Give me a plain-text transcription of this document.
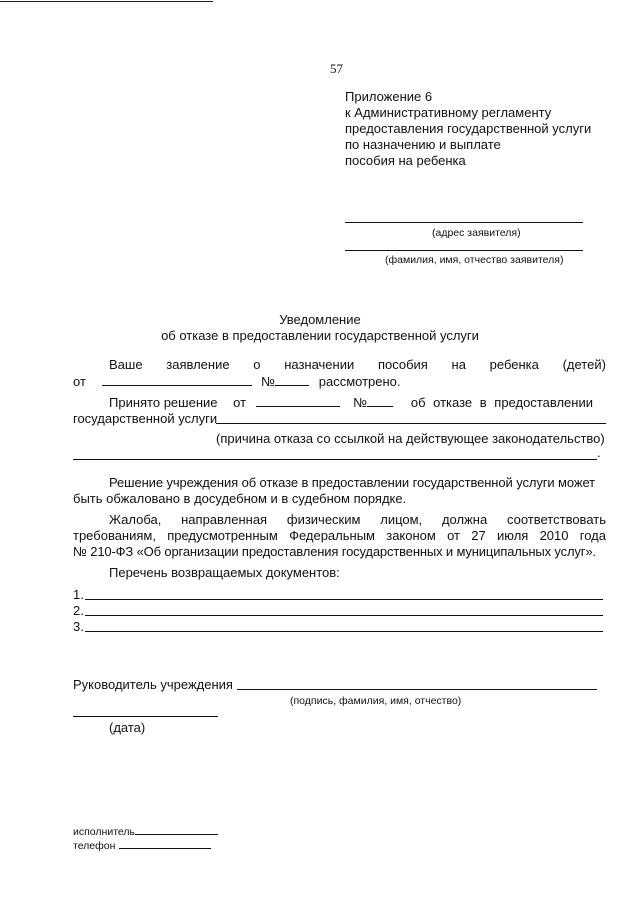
57
Приложение 6
к Административному регламенту
предоставления государственной услуги
по назначению и выплате
пособия на ребенка
(адрес заявителя)
(фамилия, имя, отчество заявителя)
Уведомление
об отказе в предоставлении государственной услуги
Ваше заявление о назначении пособия на ребенка (детей)
от	№	рассмотрено.
Принято решение от	№	об отказе в предоставлении
государственной услуги
(причина отказа со ссылкой на действующее законодательство)
.
Решение учреждения об отказе в предоставлении государственной услуги может
быть обжаловано в досудебном и в судебном порядке.
Жалоба, направленная физическим лицом, должна соответствовать
требованиям, предусмотренным Федеральным законом от 27 июля 2010 года
№ 210-ФЗ «Об организации предоставления государственных и муниципальных услуг».
Перечень возвращаемых документов:
1.
2.
3.
Руководитель учреждения
(подпись, фамилия, имя, отчество)
(дата)
исполнитель
телефон
